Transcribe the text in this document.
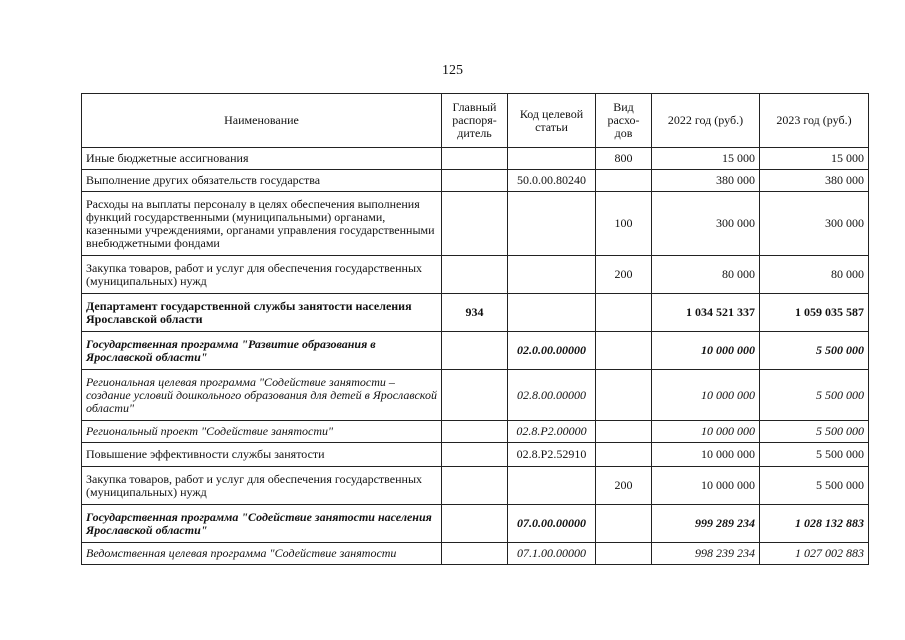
125
Наименование	Главный распоря-дитель	Код целевой статьи	Вид расхо-дов	2022 год (руб.)	2023 год (руб.)
Иные бюджетные ассигнования			800	15 000	15 000
Выполнение других обязательств государства		50.0.00.80240		380 000	380 000
Расходы на выплаты персоналу в целях обеспечения выполнения функций государственными (муниципальными) органами, казенными учреждениями, органами управления государственными внебюджетными фондами			100	300 000	300 000
Закупка товаров, работ и услуг для обеспечения государственных (муниципальных) нужд			200	80 000	80 000
Департамент государственной службы занятости населения Ярославской области	934			1 034 521 337	1 059 035 587
Государственная программа "Развитие образования в Ярославской области"		02.0.00.00000		10 000 000	5 500 000
Региональная целевая программа "Содействие занятости – создание условий дошкольного образования для детей в Ярославской области"		02.8.00.00000		10 000 000	5 500 000
Региональный проект "Содействие занятости"		02.8.P2.00000		10 000 000	5 500 000
Повышение эффективности службы занятости		02.8.P2.52910		10 000 000	5 500 000
Закупка товаров, работ и услуг для обеспечения государственных (муниципальных) нужд			200	10 000 000	5 500 000
Государственная программа "Содействие занятости населения Ярославской области"		07.0.00.00000		999 289 234	1 028 132 883
Ведомственная целевая программа "Содействие занятости		07.1.00.00000		998 239 234	1 027 002 883
